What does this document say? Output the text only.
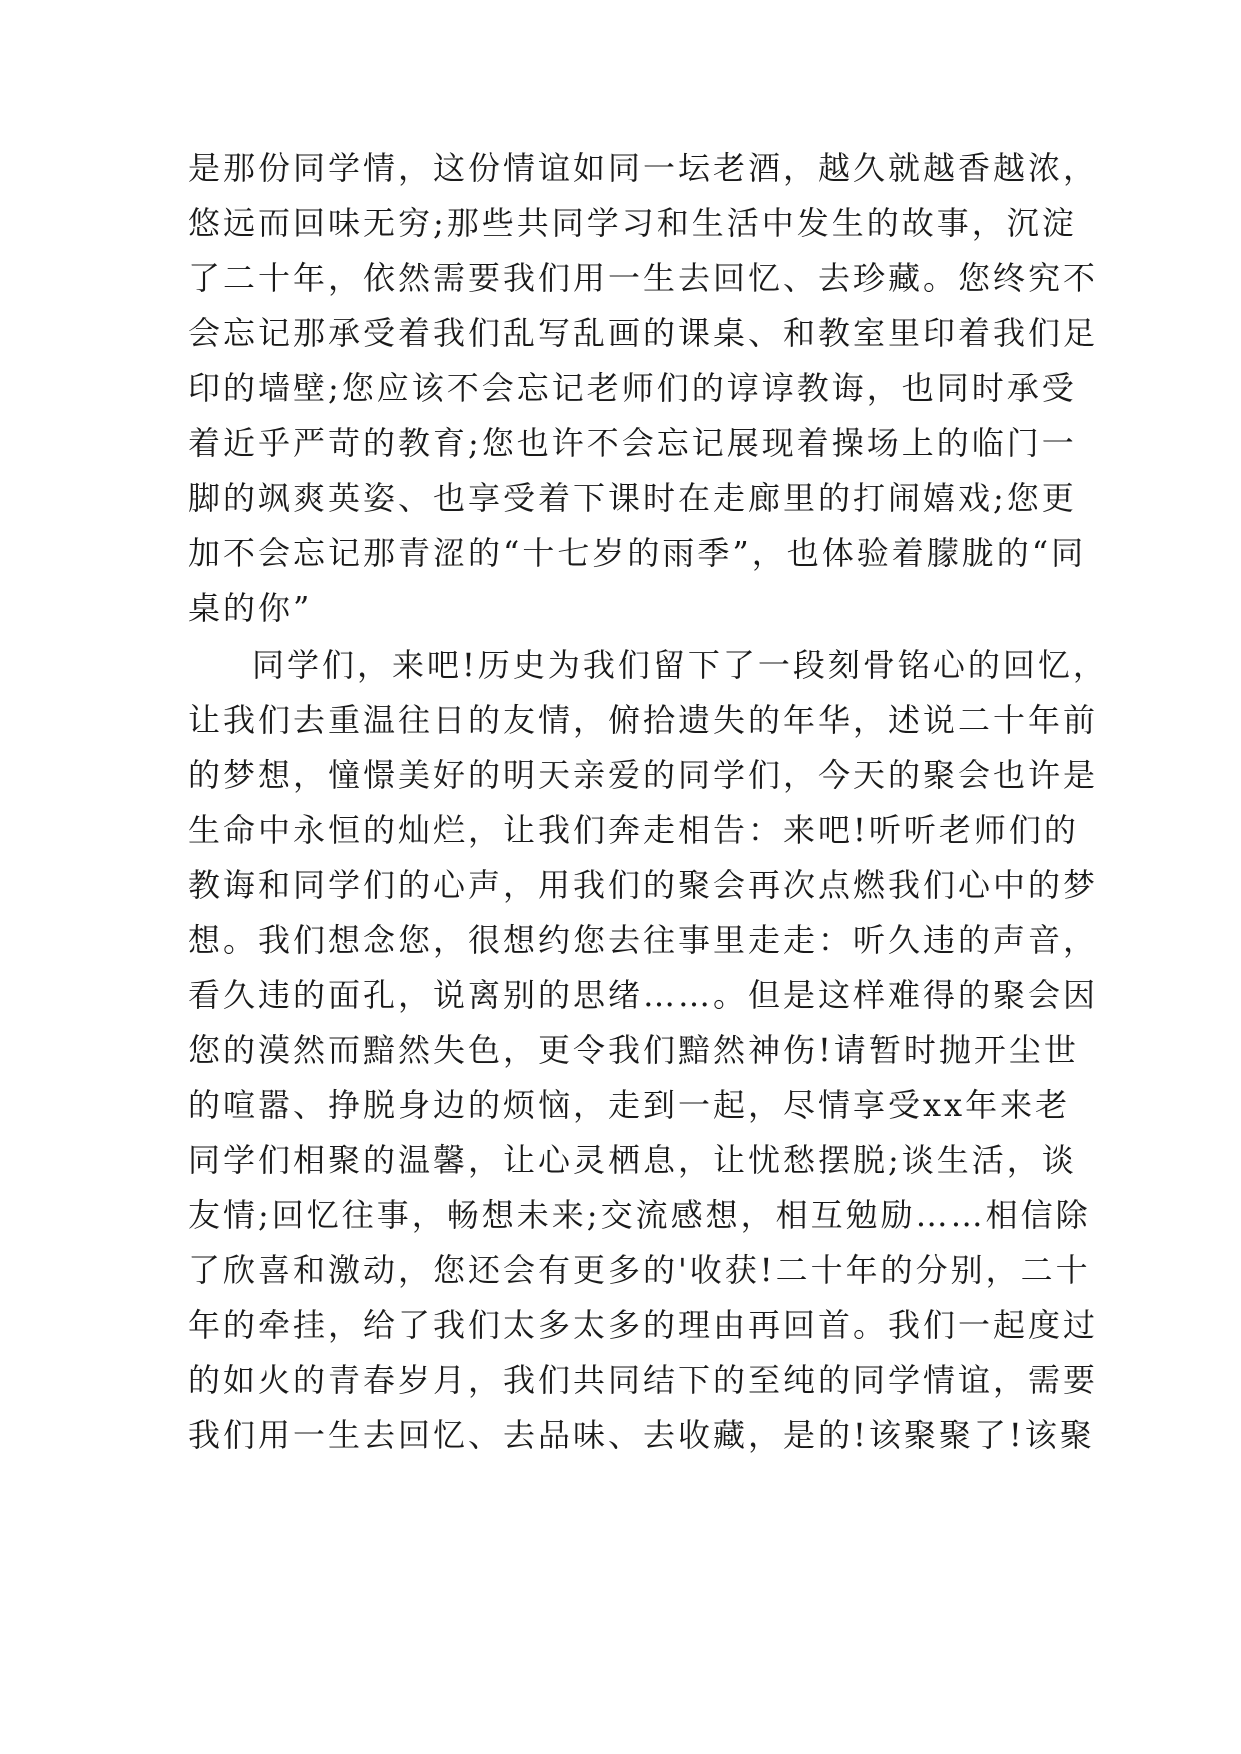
是那份同学情，这份情谊如同一坛老酒，越久就越香越浓，
悠远而回味无穷;那些共同学习和生活中发生的故事，沉淀
了二十年，依然需要我们用一生去回忆、去珍藏。您终究不
会忘记那承受着我们乱写乱画的课桌、和教室里印着我们足
印的墙壁;您应该不会忘记老师们的谆谆教诲，也同时承受
着近乎严苛的教育;您也许不会忘记展现着操场上的临门一
脚的飒爽英姿、也享受着下课时在走廊里的打闹嬉戏;您更
加不会忘记那青涩的“十七岁的雨季”，也体验着朦胧的“同
桌的你”
同学们，来吧!历史为我们留下了一段刻骨铭心的回忆，
让我们去重温往日的友情，俯拾遗失的年华，述说二十年前
的梦想，憧憬美好的明天亲爱的同学们，今天的聚会也许是
生命中永恒的灿烂，让我们奔走相告：来吧!听听老师们的
教诲和同学们的心声，用我们的聚会再次点燃我们心中的梦
想。我们想念您，很想约您去往事里走走：听久违的声音，
看久违的面孔，说离别的思绪……。但是这样难得的聚会因
您的漠然而黯然失色，更令我们黯然神伤!请暂时抛开尘世
的喧嚣、挣脱身边的烦恼，走到一起，尽情享受xx年来老
同学们相聚的温馨，让心灵栖息，让忧愁摆脱;谈生活，谈
友情;回忆往事，畅想未来;交流感想，相互勉励……相信除
了欣喜和激动，您还会有更多的'收获!二十年的分别，二十
年的牵挂，给了我们太多太多的理由再回首。我们一起度过
的如火的青春岁月，我们共同结下的至纯的同学情谊，需要
我们用一生去回忆、去品味、去收藏，是的!该聚聚了!该聚
